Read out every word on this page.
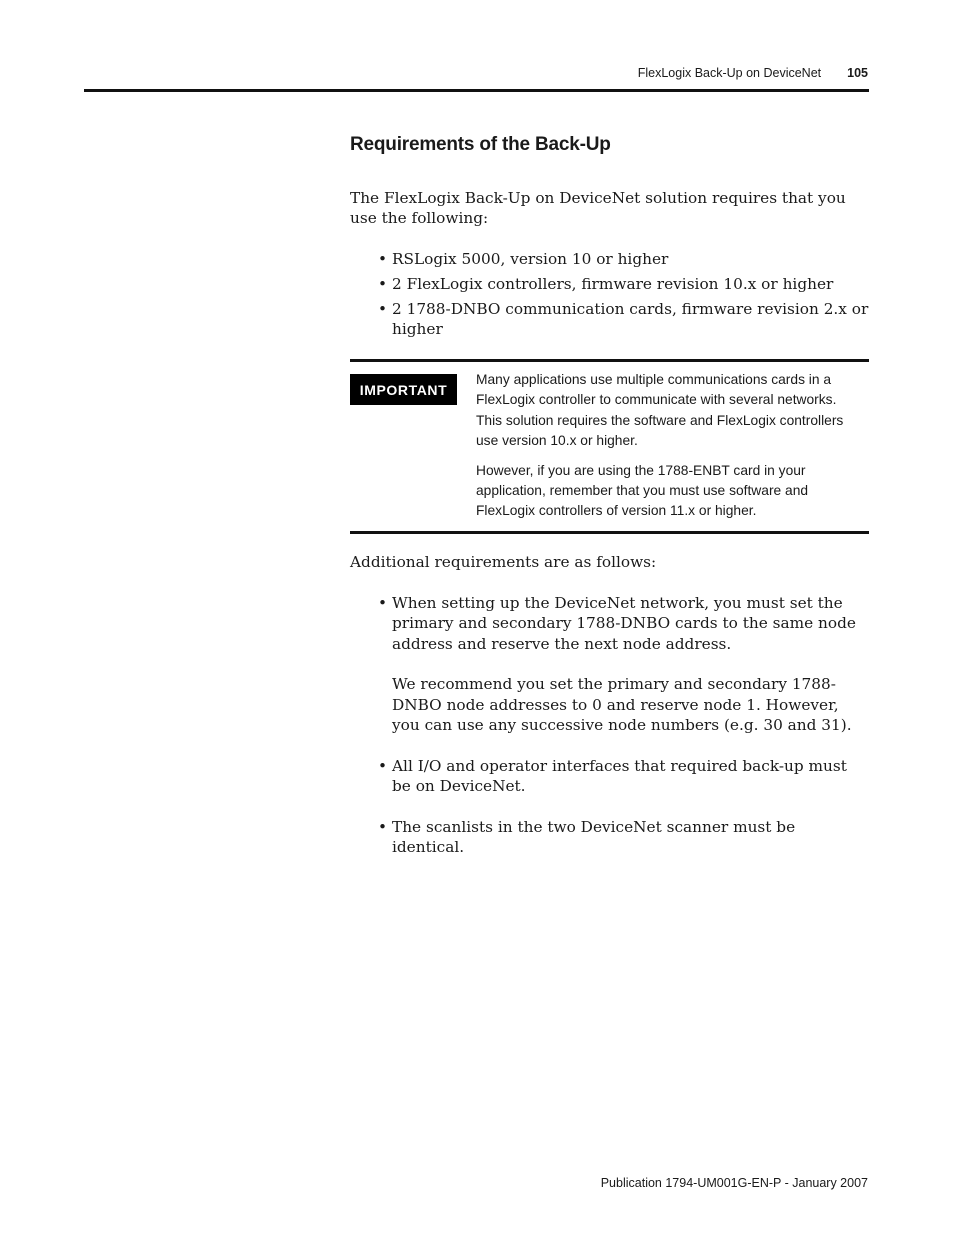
FlexLogix Back-Up on DeviceNet 105
Requirements of the Back-Up

The FlexLogix Back-Up on DeviceNet solution requires that you use the following:

• RSLogix 5000, version 10 or higher
• 2 FlexLogix controllers, firmware revision 10.x or higher
• 2 1788-DNBO communication cards, firmware revision 2.x or higher
IMPORTANT

Many applications use multiple communications cards in a FlexLogix controller to communicate with several networks. This solution requires the software and FlexLogix controllers use version 10.x or higher.

However, if you are using the 1788-ENBT card in your application, remember that you must use software and FlexLogix controllers of version 11.x or higher.

Additional requirements are as follows:

• When setting up the DeviceNet network, you must set the primary and secondary 1788-DNBO cards to the same node address and reserve the next node address.
We recommend you set the primary and secondary 1788-DNBO node addresses to 0 and reserve node 1. However, you can use any successive node numbers (e.g. 30 and 31).
• All I/O and operator interfaces that required back-up must be on DeviceNet.
• The scanlists in the two DeviceNet scanner must be identical.
Publication 1794-UM001G-EN-P - January 2007
